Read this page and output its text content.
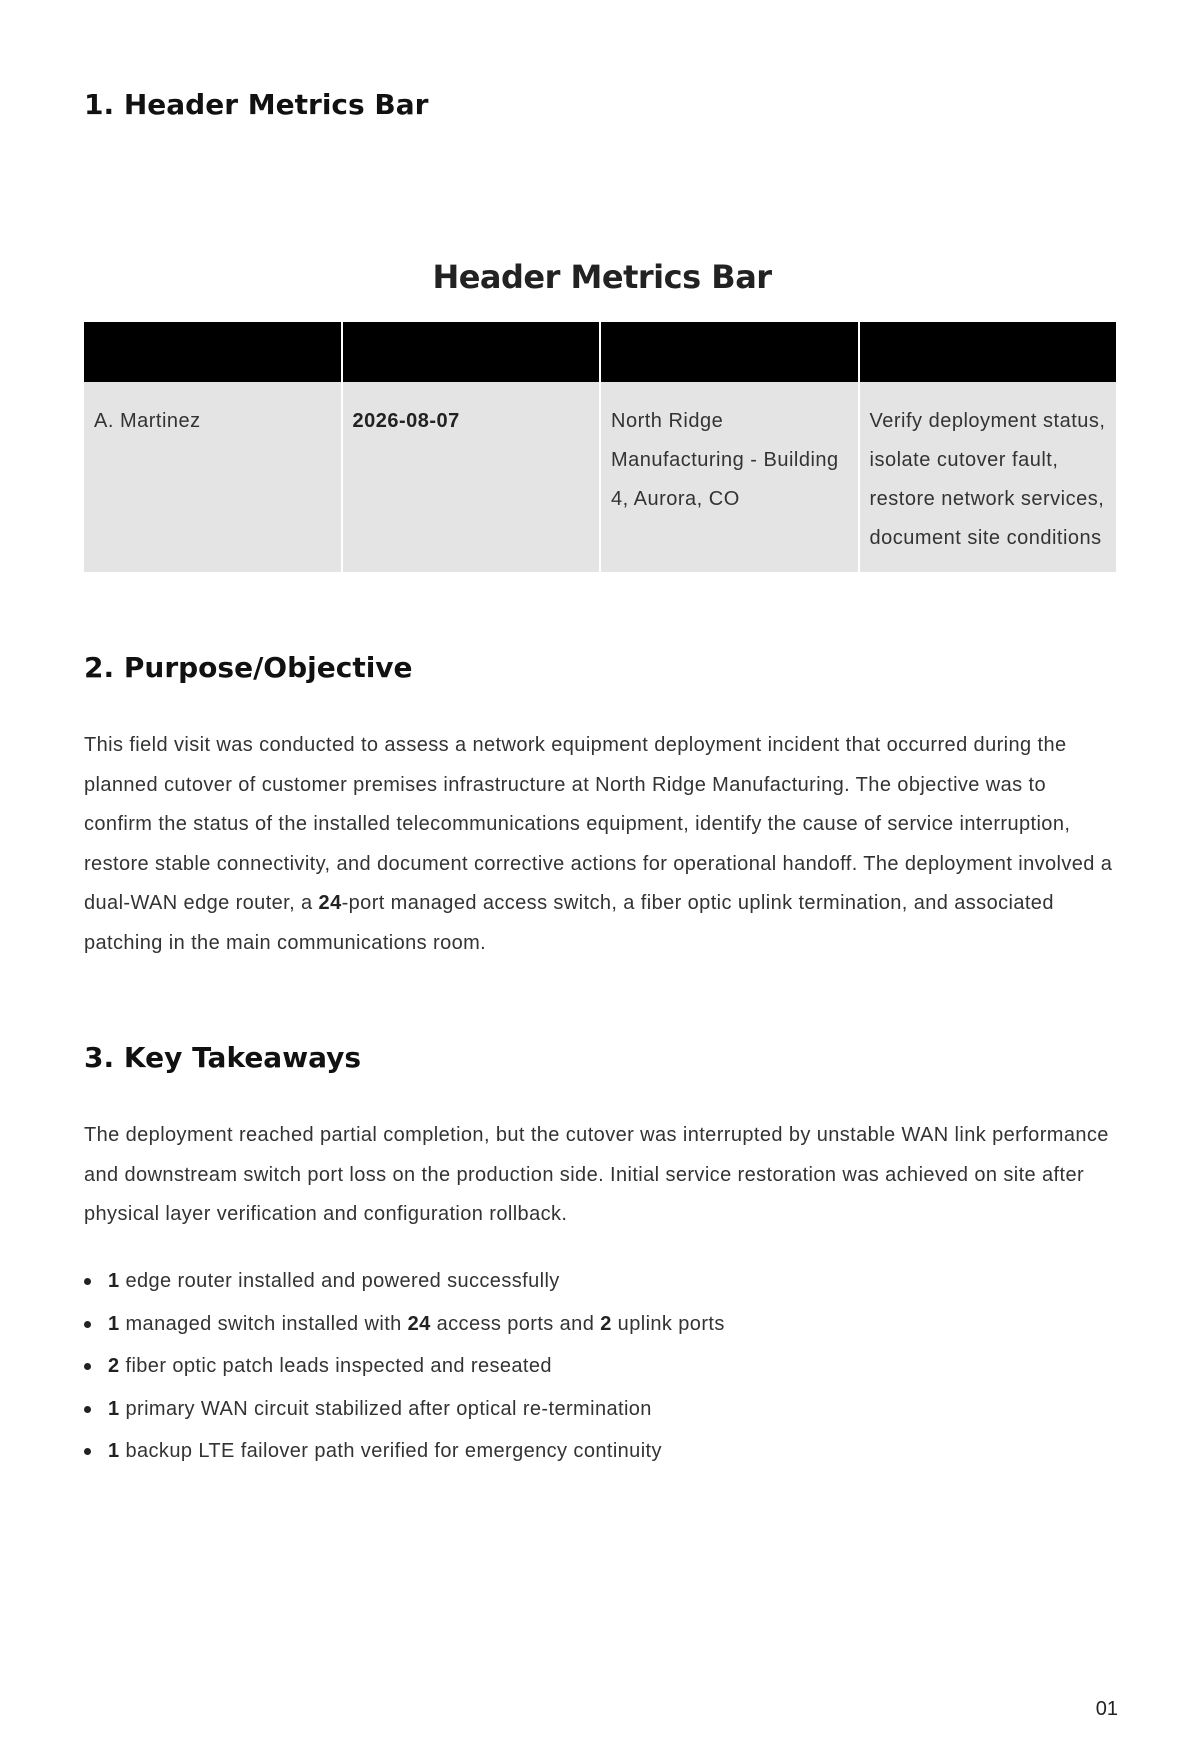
1. Header Metrics Bar
Header Metrics Bar

A. Martinez	2026-08-07	North Ridge Manufacturing - Building 4, Aurora, CO	Verify deployment status, isolate cutover fault, restore network services, document site conditions
2. Purpose/Objective

This field visit was conducted to assess a network equipment deployment incident that occurred during the planned cutover of customer premises infrastructure at North Ridge Manufacturing. The objective was to confirm the status of the installed telecommunications equipment, identify the cause of service interruption, restore stable connectivity, and document corrective actions for operational handoff. The deployment involved a dual-WAN edge router, a 24-port managed access switch, a fiber optic uplink termination, and associated patching in the main communications room.

3. Key Takeaways

The deployment reached partial completion, but the cutover was interrupted by unstable WAN link performance and downstream switch port loss on the production side. Initial service restoration was achieved on site after physical layer verification and configuration rollback.

1 edge router installed and powered successfully
1 managed switch installed with 24 access ports and 2 uplink ports
2 fiber optic patch leads inspected and reseated
1 primary WAN circuit stabilized after optical re-termination
1 backup LTE failover path verified for emergency continuity
01
